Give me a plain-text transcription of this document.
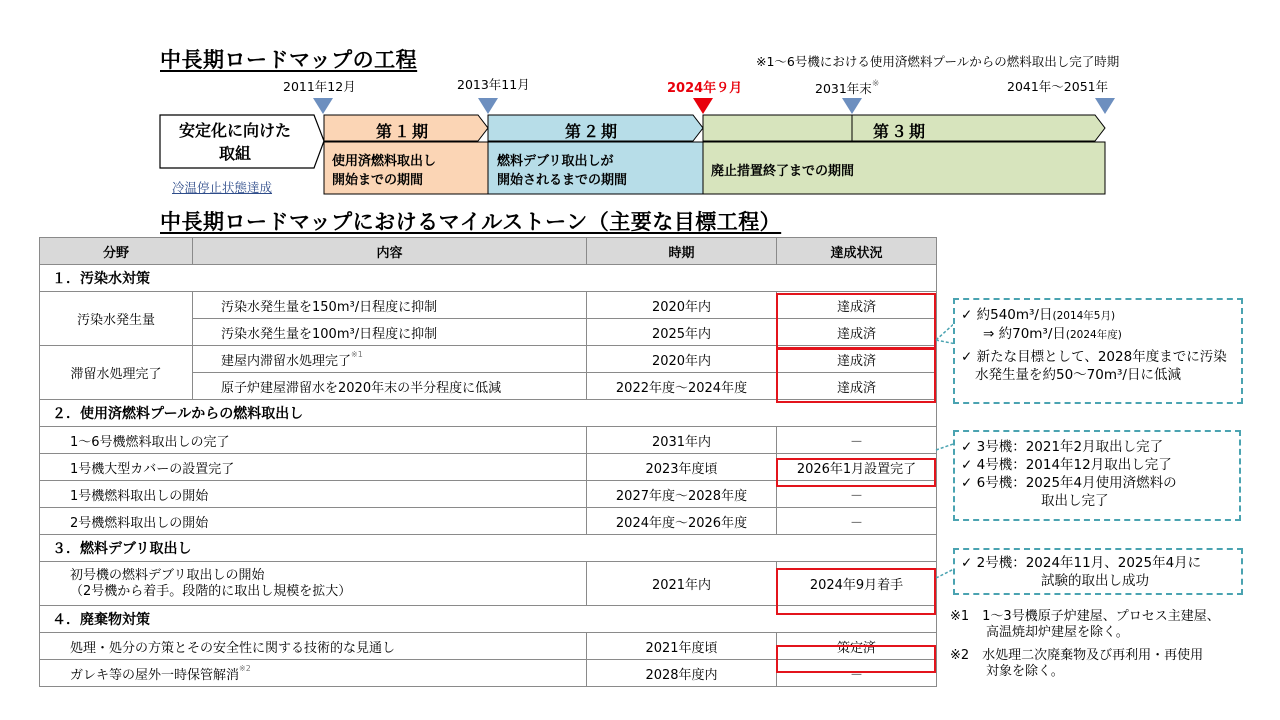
中長期ロードマップの工程	※1～6号機における使用済燃料プールからの燃料取出し完了時期
2011年12月	2013年11月	2024年９月	2031年末※	2041年～2051年
安定化に向けた
取組
冷温停止状態達成
第１期	第２期	第３期
使用済燃料取出し
開始までの期間
燃料デブリ取出しが
開始されるまでの期間
廃止措置終了までの期間
中長期ロードマップにおけるマイルストーン（主要な目標工程）
分野	内容	時期	達成状況
１．汚染水対策			
汚染水発生量	汚染水発生量を150m³/日程度に抑制	2020年内	達成済
	汚染水発生量を100m³/日程度に抑制	2025年内	達成済
滞留水処理完了	建屋内滞留水処理完了$^{※1}$	2020年内	達成済
	原子炉建屋滞留水を2020年末の半分程度に低減	2022年度～2024年度	達成済
２．使用済燃料プールからの燃料取出し			
1～6号機燃料取出しの完了		2031年内	－
1号機大型カバーの設置完了		2023年度頃	2026年1月設置完了
1号機燃料取出しの開始		2027年度～2028年度	－
2号機燃料取出しの開始		2024年度～2026年度	－
３．燃料デブリ取出し			

初号機の燃料デブリ取出しの開始
（2号機から着手。段階的に取出し規模を拡大）		2021年内	2024年9月着手
４．廃棄物対策			
処理・処分の方策とその安全性に関する技術的な見通し		2021年度頃	策定済
ガレキ等の屋外一時保管解消$^{※2}$		2028年度内	－
✓ 約540m³/日(2014年5月)
⇒ 約70m³/日(2024年度)
✓ 新たな目標として、2028年度までに汚染
水発生量を約50～70m³/日に低減
✓ 3号機：2021年2月取出し完了
✓ 4号機：2014年12月取出し完了
✓ 6号機：2025年4月使用済燃料の
取出し完了
✓ 2号機：2024年11月、2025年4月に
試験的取出し成功
※1　1～3号機原子炉建屋、プロセス主建屋、
高温焼却炉建屋を除く。
※2　水処理二次廃棄物及び再利用・再使用
対象を除く。
